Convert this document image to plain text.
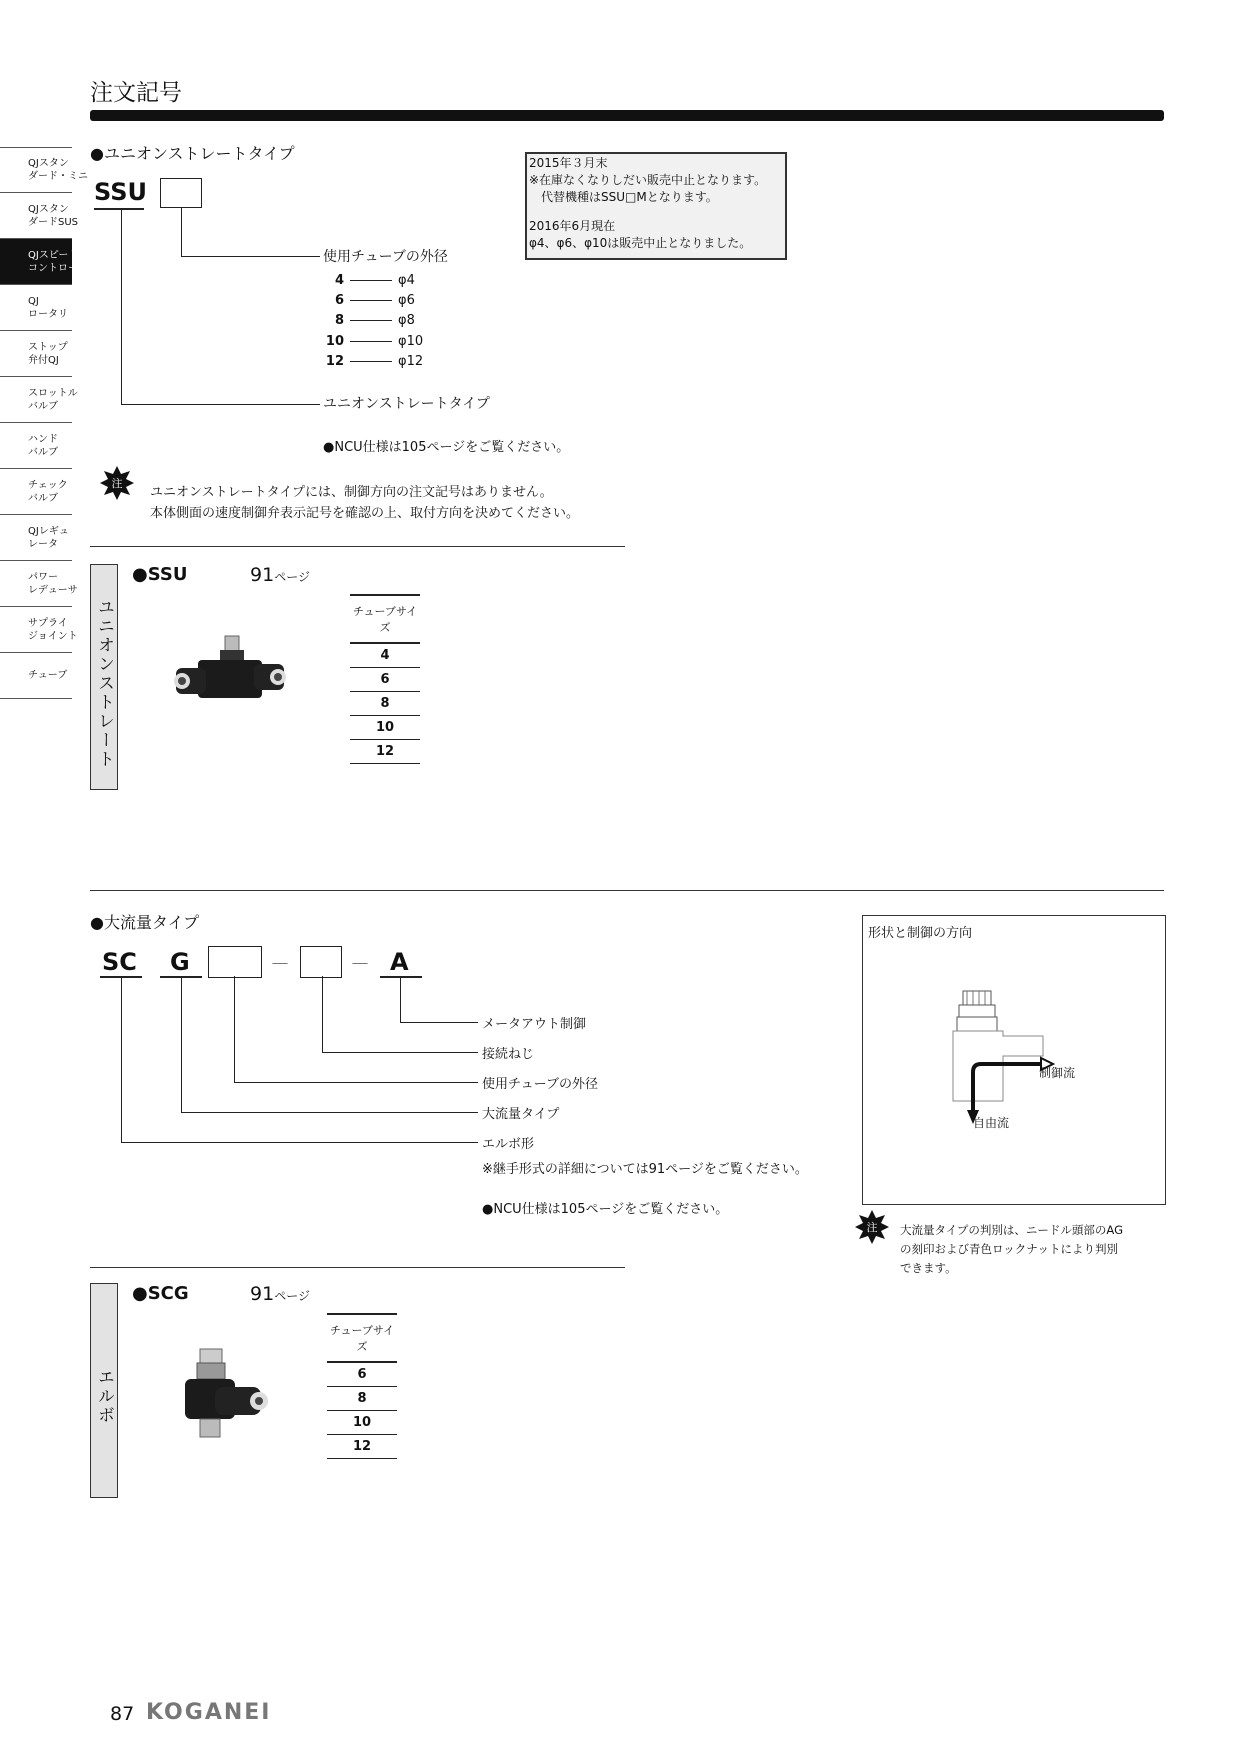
注文記号
QJスタン
ダード・ミニ
QJスタン
ダードSUS
QJスピード
コントローラ
QJ
ロータリ
ストップ
弁付QJ
スロットル
バルブ
ハンド
バルブ
チェック
バルブ
QJレギュ
レータ
パワー
レデューサ
サプライ
ジョイント
チューブ
●ユニオンストレートタイプ
SSU
使用チューブの外径
4	φ4
6	φ6
8	φ8
10	φ10
12	φ12
ユニオンストレートタイプ
●NCU仕様は105ページをご覧ください。
注
ユニオンストレートタイプには、制御方向の注文記号はありません。
本体側面の速度制御弁表示記号を確認の上、取付方向を決めてください。
2015年３月末
※在庫なくなりしだい販売中止となります。
　代替機種はSSU□Mとなります。
2016年6月現在
φ4、φ6、φ10は販売中止となりました。
ユニオンストレート
●SSU	91ページ
チューブサイズ
4
6
8
10
12
●大流量タイプ
SC G	－	－ A
メータアウト制御
接続ねじ
使用チューブの外径
大流量タイプ
エルボ形
※継手形式の詳細については91ページをご覧ください。
●NCU仕様は105ページをご覧ください。
形状と制御の方向
制御流
自由流
注 大流量タイプの判別は、ニードル頭部のAG
の刻印および青色ロックナットにより判別
できます。
エルボ
●SCG	91ページ
チューブサイズ
6
8
10
12
87 KOGANEI
